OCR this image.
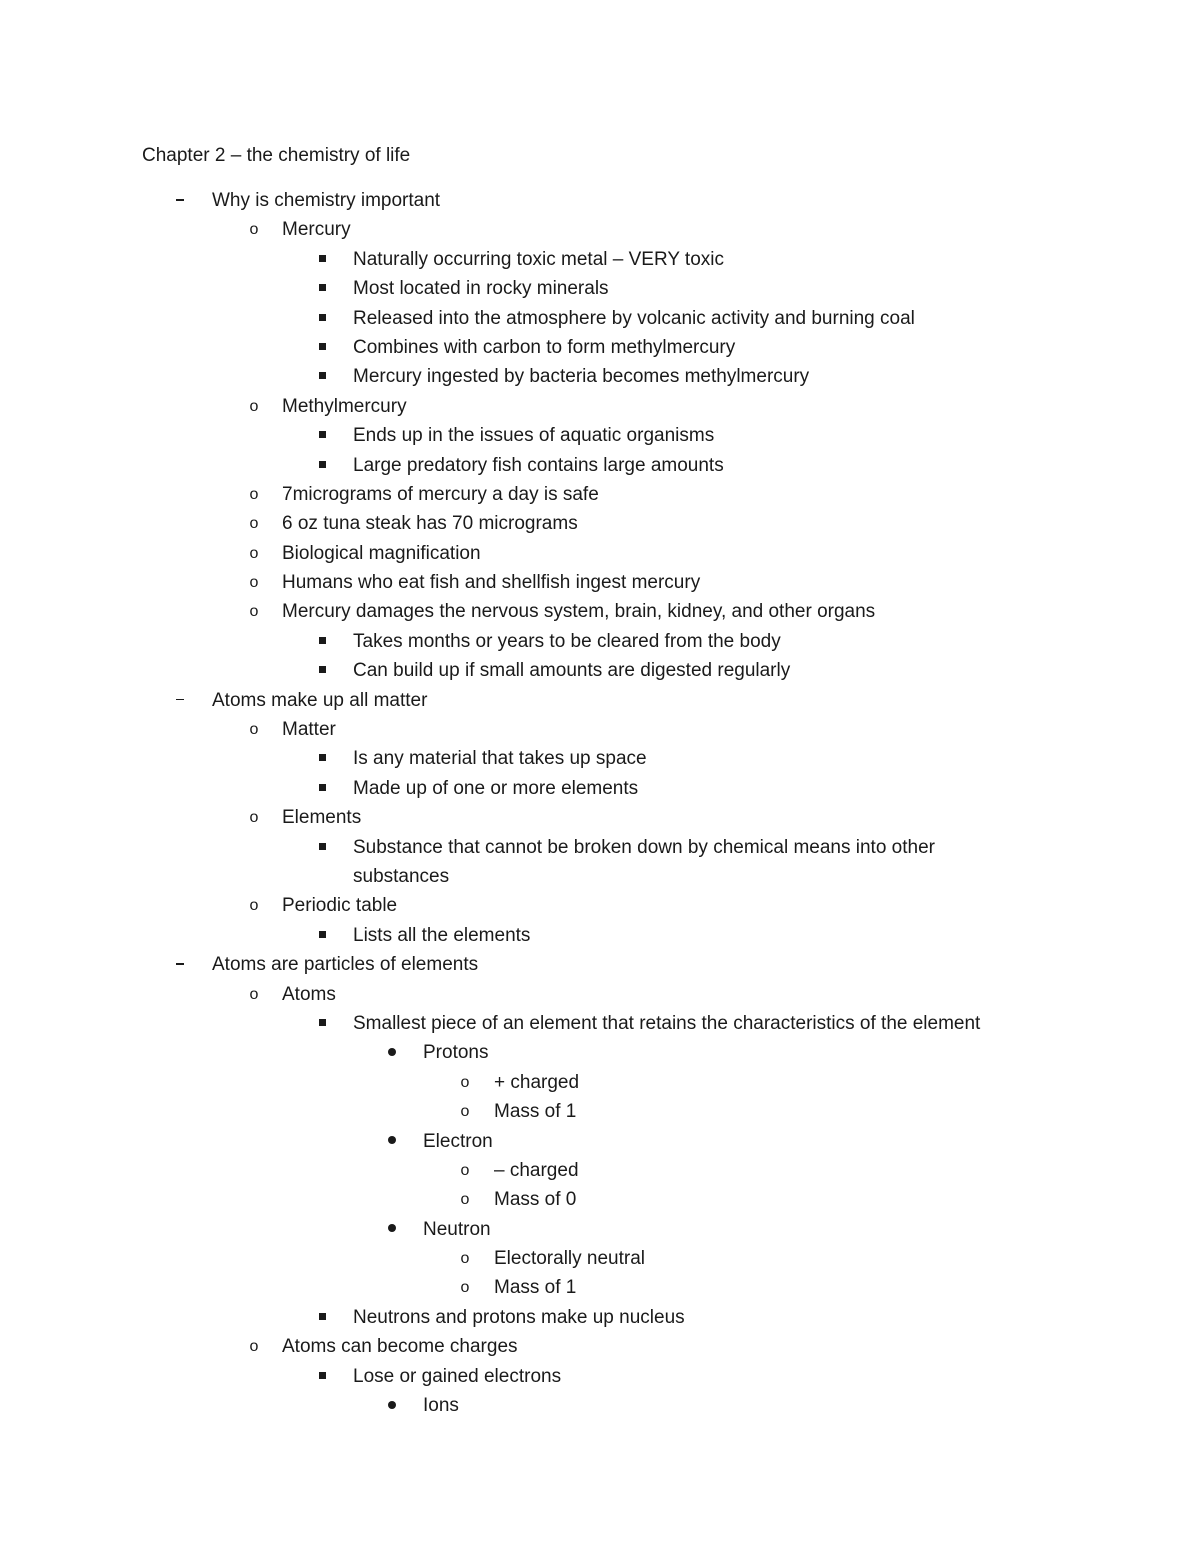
Chapter 2 – the chemistry of life
Why is chemistry important
o	Mercury
Naturally occurring toxic metal – VERY toxic
Most located in rocky minerals
Released into the atmosphere by volcanic activity and burning coal
Combines with carbon to form methylmercury
Mercury ingested by bacteria becomes methylmercury
o	Methylmercury
Ends up in the issues of aquatic organisms
Large predatory fish contains large amounts
o	7micrograms of mercury a day is safe
o	6 oz tuna steak has 70 micrograms
o	Biological magnification
o	Humans who eat fish and shellfish ingest mercury
o	Mercury damages the nervous system, brain, kidney, and other organs
Takes months or years to be cleared from the body
Can build up if small amounts are digested regularly
Atoms make up all matter
o	Matter
Is any material that takes up space
Made up of one or more elements
o	Elements
Substance that cannot be broken down by chemical means into other substances
o	Periodic table
Lists all the elements
Atoms are particles of elements
o	Atoms
Smallest piece of an element that retains the characteristics of the element
Protons
o	+ charged
o	Mass of 1
Electron
o	– charged
o	Mass of 0
Neutron
o	Electorally neutral
o	Mass of 1
Neutrons and protons make up nucleus
o	Atoms can become charges
Lose or gained electrons
Ions
